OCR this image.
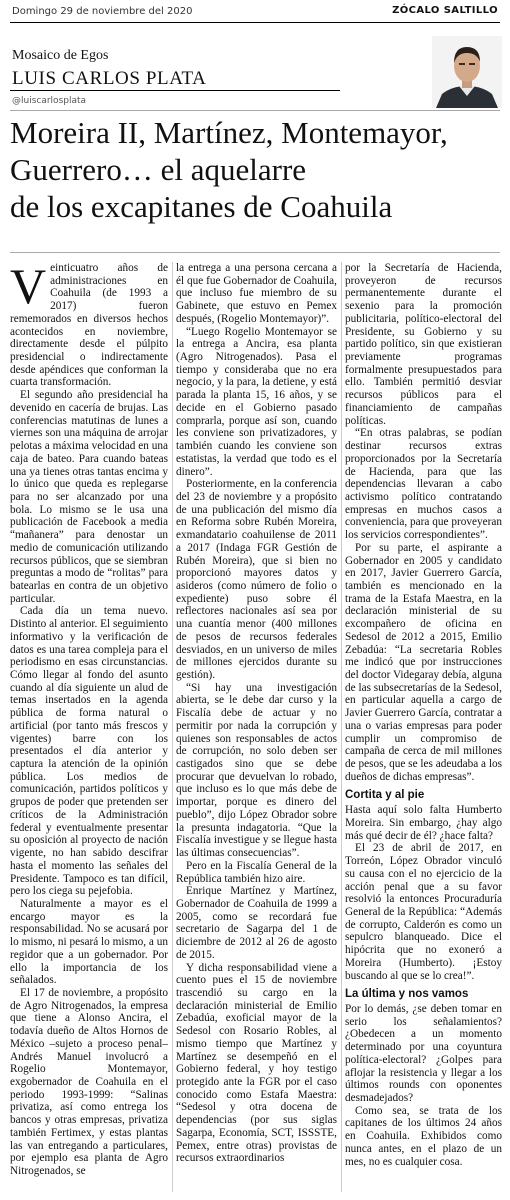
Domingo 29 de noviembre del 2020	ZÓCALO SALTILLO
Mosaico de Egos
LUIS CARLOS PLATA
@luiscarlosplata
Moreira II, Martínez, Montemayor,
Guerrero… el aquelarre
de los excapitanes de Coahuila

Veinticuatro años de administraciones en Coahuila (de 1993 a 2017) fueron rememorados en diversos hechos acontecidos en noviembre, directamente desde el púlpito presidencial o indirectamente desde apéndices que conforman la cuarta transformación.

El segundo año presidencial ha devenido en cacería de brujas. Las conferencias matutinas de lunes a viernes son una máquina de arrojar pelotas a máxima velocidad en una caja de bateo. Para cuando bateas una ya tienes otras tantas encima y lo único que queda es replegarse para no ser alcanzado por una bola. Lo mismo se le usa una publicación de Facebook a media “mañanera” para denostar un medio de comunicación utilizando recursos públicos, que se siembran preguntas a modo de “rolitas” para batearlas en contra de un objetivo particular.

Cada día un tema nuevo. Distinto al anterior. El seguimiento informativo y la verificación de datos es una tarea compleja para el periodismo en esas circunstancias. Cómo llegar al fondo del asunto cuando al día siguiente un alud de temas insertados en la agenda pública de forma natural o artificial (por tanto más frescos y vigentes) barre con los presentados el día anterior y captura la atención de la opinión pública. Los medios de comunicación, partidos políticos y grupos de poder que pretenden ser críticos de la Administración federal y eventualmente presentar su oposición al proyecto de nación vigente, no han sabido descifrar hasta el momento las señales del Presidente. Tampoco es tan difícil, pero los ciega su pejefobia.

Naturalmente a mayor es el encargo mayor es la responsabilidad. No se acusará por lo mismo, ni pesará lo mismo, a un regidor que a un gobernador. Por ello la importancia de los señalados.

El 17 de noviembre, a propósito de Agro Nitrogenados, la empresa que tiene a Alonso Ancira, el todavía dueño de Altos Hornos de México –sujeto a proceso penal– Andrés Manuel involucró a Rogelio Montemayor, exgobernador de Coahuila en el periodo 1993-1999: “Salinas privatiza, así como entrega los bancos y otras empresas, privatiza también Fertimex, y estas plantas las van entregando a particulares, por ejemplo esa planta de Agro Nitrogenados, se

la entrega a una persona cercana a él que fue Gobernador de Coahuila, que incluso fue miembro de su Gabinete, que estuvo en Pemex después, (Rogelio Montemayor)”.

“Luego Rogelio Montemayor se la entrega a Ancira, esa planta (Agro Nitrogenados). Pasa el tiempo y consideraba que no era negocio, y la para, la detiene, y está parada la planta 15, 16 años, y se decide en el Gobierno pasado comprarla, porque así son, cuando les conviene son privatizadores, y también cuando les conviene son estatistas, la verdad que todo es el dinero”.

Posteriormente, en la conferencia del 23 de noviembre y a propósito de una publicación del mismo día en Reforma sobre Rubén Moreira, exmandatario coahuilense de 2011 a 2017 (Indaga FGR Gestión de Rubén Moreira), que si bien no proporcionó mayores datos y asideros (como número de folio o expediente) puso sobre él reflectores nacionales así sea por una cuantía menor (400 millones de pesos de recursos federales desviados, en un universo de miles de millones ejercidos durante su gestión).

“Si hay una investigación abierta, se le debe dar curso y la Fiscalía debe de actuar y no permitir por nada la corrupción y quienes son responsables de actos de corrupción, no solo deben ser castigados sino que se debe procurar que devuelvan lo robado, que incluso es lo que más debe de importar, porque es dinero del pueblo”, dijo López Obrador sobre la presunta indagatoria. “Que la Fiscalía investigue y se llegue hasta las últimas consecuencias”.

Pero en la Fiscalía General de la República también hizo aire.

Enrique Martínez y Martínez, Gobernador de Coahuila de 1999 a 2005, como se recordará fue secretario de Sagarpa del 1 de diciembre de 2012 al 26 de agosto de 2015.

Y dicha responsabilidad viene a cuento pues el 15 de noviembre trascendió su cargo en la declaración ministerial de Emilio Zebadúa, exoficial mayor de la Sedesol con Rosario Robles, al mismo tiempo que Martínez y Martínez se desempeñó en el Gobierno federal, y hoy testigo protegido ante la FGR por el caso conocido como Estafa Maestra: “Sedesol y otra docena de dependencias (por sus siglas Sagarpa, Economía, SCT, ISSSTE, Pemex, entre otras) provistas de recursos extraordinarios

por la Secretaría de Hacienda, proveyeron de recursos permanentemente durante el sexenio para la promoción publicitaria, político-electoral del Presidente, su Gobierno y su partido político, sin que existieran previamente programas formalmente presupuestados para ello. También permitió desviar recursos públicos para el financiamiento de campañas políticas.

“En otras palabras, se podían destinar recursos extras proporcionados por la Secretaría de Hacienda, para que las dependencias llevaran a cabo activismo político contratando empresas en muchos casos a conveniencia, para que proveyeran los servicios correspondientes”.

Por su parte, el aspirante a Gobernador en 2005 y candidato en 2017, Javier Guerrero García, también es mencionado en la trama de la Estafa Maestra, en la declaración ministerial de su excompañero de oficina en Sedesol de 2012 a 2015, Emilio Zebadúa: “La secretaria Robles me indicó que por instrucciones del doctor Videgaray debía, alguna de las subsecretarías de la Sedesol, en particular aquella a cargo de Javier Guerrero García, contratar a una o varias empresas para poder cumplir un compromiso de campaña de cerca de mil millones de pesos, que se les adeudaba a los dueños de dichas empresas”.

Cortita y al pie

Hasta aquí solo falta Humberto Moreira. Sin embargo, ¿hay algo más qué decir de él? ¿hace falta?

El 23 de abril de 2017, en Torreón, López Obrador vinculó su causa con el no ejercicio de la acción penal que a su favor resolvió la entonces Procuraduría General de la República: “Además de corrupto, Calderón es como un sepulcro blanqueado. Dice el hipócrita que no exoneró a Moreira (Humberto). ¡Estoy buscando al que se lo crea!”.

La última y nos vamos

Por lo demás, ¿se deben tomar en serio los señalamientos? ¿Obedecen a un momento determinado por una coyuntura política-electoral? ¿Golpes para aflojar la resistencia y llegar a los últimos rounds con oponentes desmadejados?

Como sea, se trata de los capitanes de los últimos 24 años en Coahuila. Exhibidos como nunca antes, en el plazo de un mes, no es cualquier cosa.
